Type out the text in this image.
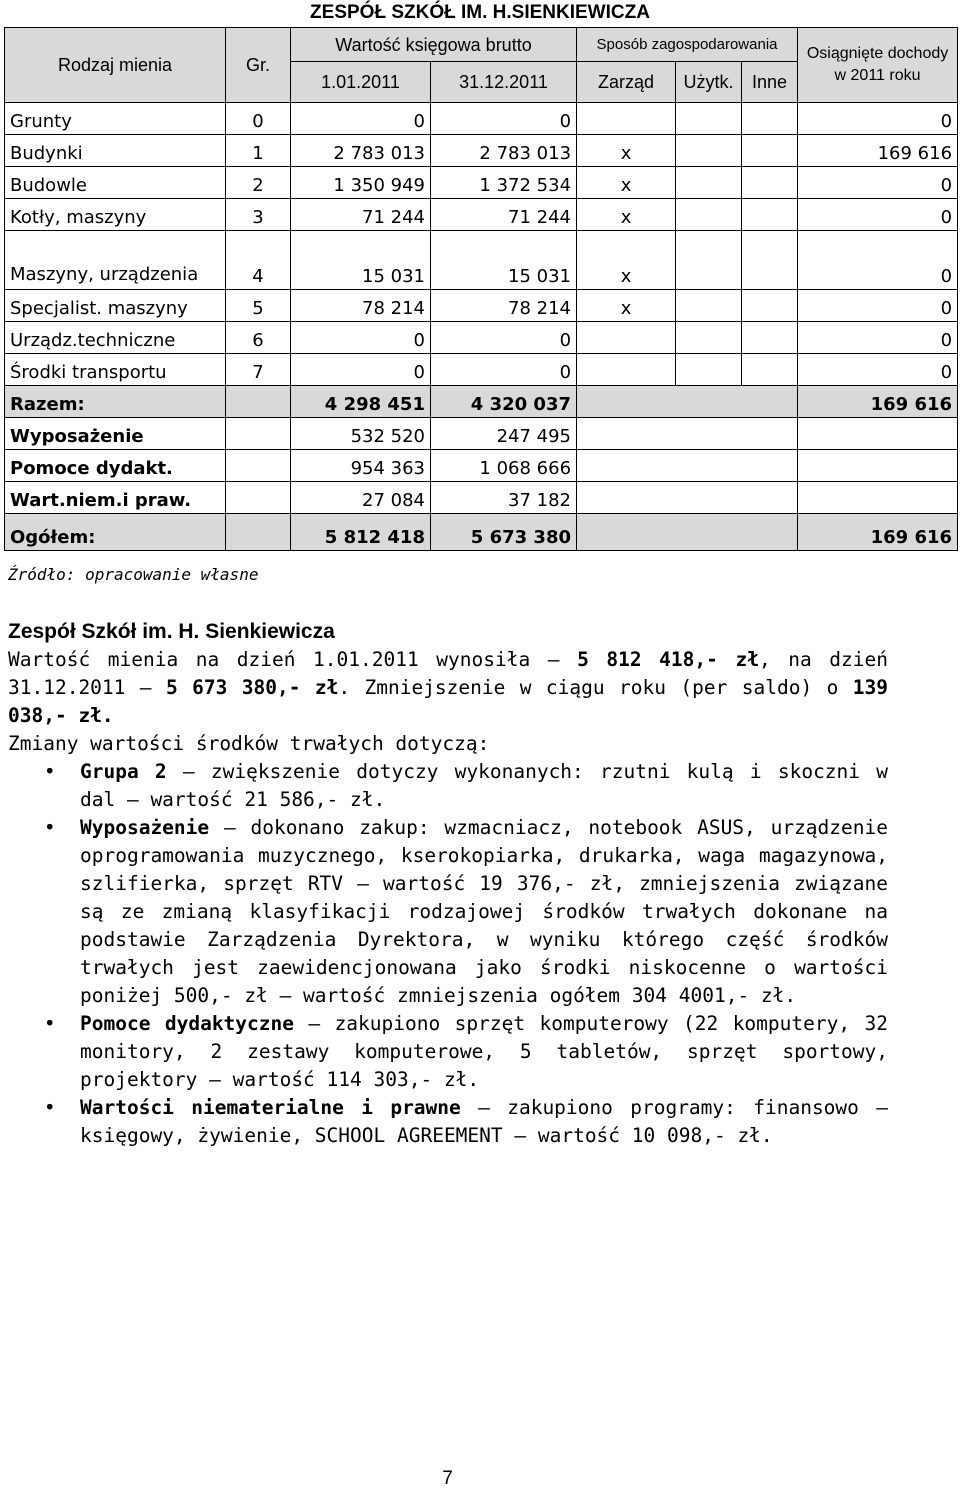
ZESPÓŁ SZKÓŁ IM. H.SIENKIEWICZA
Rodzaj mienia	Gr.	Wartość księgowa brutto		Sposób zagospodarowania			Osiągnięte dochody w 2011 roku
		1.01.2011	31.12.2011	Zarząd	Użytk.	Inne	
Grunty	0	0	0				0
Budynki	1	2 783 013	2 783 013	x			169 616
Budowle	2	1 350 949	1 372 534	x			0
Kotły, maszyny	3	71 244	71 244	x			0
Maszyny, urządzenia	4	15 031	15 031	x			0
Specjalist. maszyny	5	78 214	78 214	x			0
Urządz.techniczne	6	0	0				0
Środki transportu	7	0	0				0
Razem:		4 298 451	4 320 037				169 616
Wyposażenie		532 520	247 495				
Pomoce dydakt.		954 363	1 068 666				
Wart.niem.i praw.		27 084	37 182				
Ogółem:		5 812 418	5 673 380				169 616
Źródło: opracowanie własne

Zespół Szkół im. H. Sienkiewicza

Wartość mienia na dzień 1.01.2011 wynosiła – 5 812 418,- zł, na dzień 31.12.2011 – 5 673 380,- zł. Zmniejszenie w ciągu roku (per saldo) o 139 038,- zł.

Zmiany wartości środków trwałych dotyczą:

• Grupa 2 – zwiększenie dotyczy wykonanych: rzutni kulą i skoczni w dal – wartość 21 586,- zł.
• Wyposażenie – dokonano zakup: wzmacniacz, notebook ASUS, urządzenie oprogramowania muzycznego, kserokopiarka, drukarka, waga magazynowa, szlifierka, sprzęt RTV – wartość 19 376,- zł, zmniejszenia związane są ze zmianą klasyfikacji rodzajowej środków trwałych dokonane na podstawie Zarządzenia Dyrektora, w wyniku którego część środków trwałych jest zaewidencjonowana jako środki niskocenne o wartości poniżej 500,- zł – wartość zmniejszenia ogółem 304 4001,- zł.
• Pomoce dydaktyczne – zakupiono sprzęt komputerowy (22 komputery, 32 monitory, 2 zestawy komputerowe, 5 tabletów, sprzęt sportowy, projektory – wartość 114 303,- zł.
• Wartości niematerialne i prawne – zakupiono programy: finansowo – księgowy, żywienie, SCHOOL AGREEMENT – wartość 10 098,- zł.
7
